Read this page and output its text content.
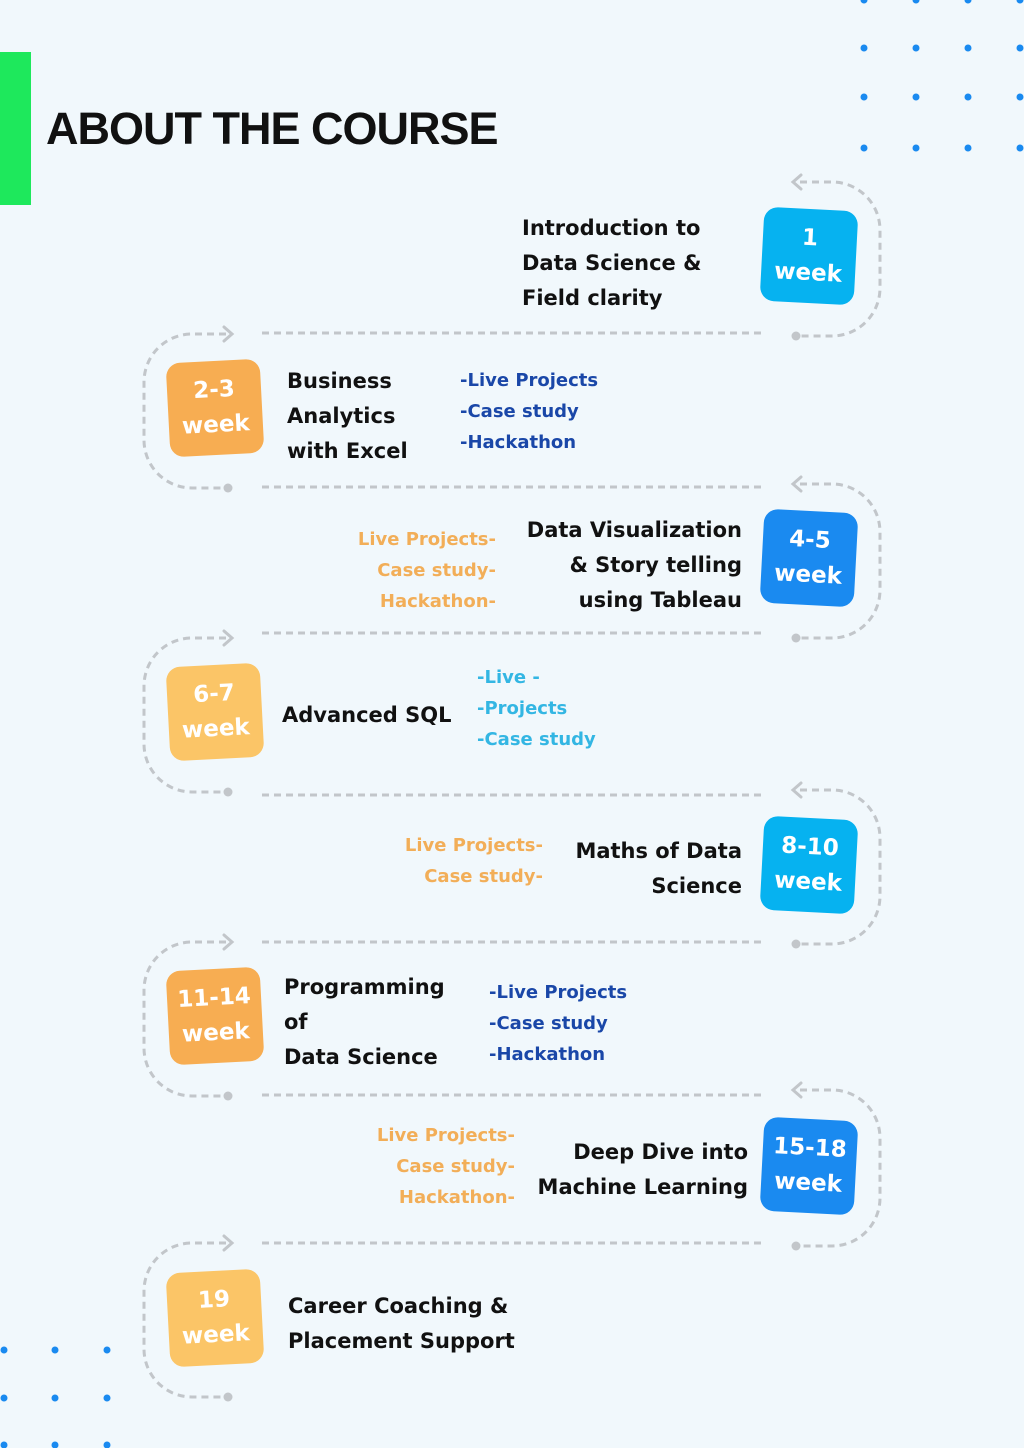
ABOUT THE COURSE
1
week
Introduction to
Data Science &
Field clarity
2-3
week
Business
Analytics
with Excel
-Live Projects
-Case study
-Hackathon
4-5
week
Data Visualization
& Story telling
using Tableau
Live Projects-
Case study-
Hackathon-
6-7
week	Advanced SQL
-Live -
-Projects
-Case study
8-10
week
Maths of Data
Science
Live Projects-
Case study-
11-14
week
Programming
of
Data Science
-Live Projects
-Case study
-Hackathon
15-18
week
Deep Dive into
Machine Learning
Live Projects-
Case study-
Hackathon-
19
week
Career Coaching &
Placement Support
